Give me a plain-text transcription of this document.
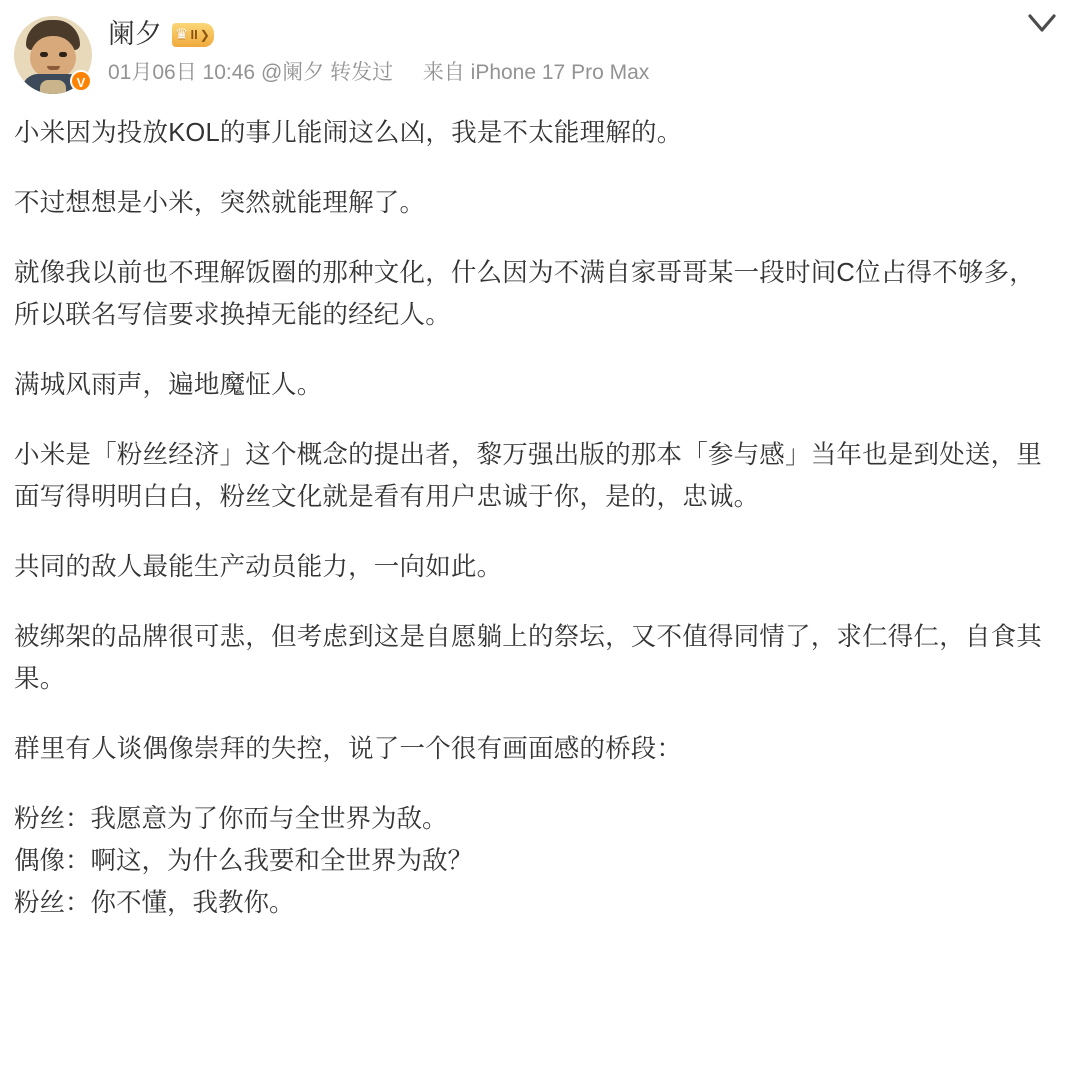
V
阑夕 ♛ II ❯
01月06日 10:46 @阑夕 转发过 来自 iPhone 17 Pro Max

小米因为投放KOL的事儿能闹这么凶，我是不太能理解的。

不过想想是小米，突然就能理解了。

就像我以前也不理解饭圈的那种文化，什么因为不满自家哥哥某一段时间C位占得不够多，所以联名写信要求换掉无能的经纪人。

满城风雨声，遍地魔怔人。

小米是「粉丝经济」这个概念的提出者，黎万强出版的那本「参与感」当年也是到处送，里面写得明明白白，粉丝文化就是看有用户忠诚于你，是的，忠诚。

共同的敌人最能生产动员能力，一向如此。

被绑架的品牌很可悲，但考虑到这是自愿躺上的祭坛，又不值得同情了，求仁得仁，自食其果。

群里有人谈偶像崇拜的失控，说了一个很有画面感的桥段：

粉丝：我愿意为了你而与全世界为敌。

偶像：啊这，为什么我要和全世界为敌？

粉丝：你不懂，我教你。
